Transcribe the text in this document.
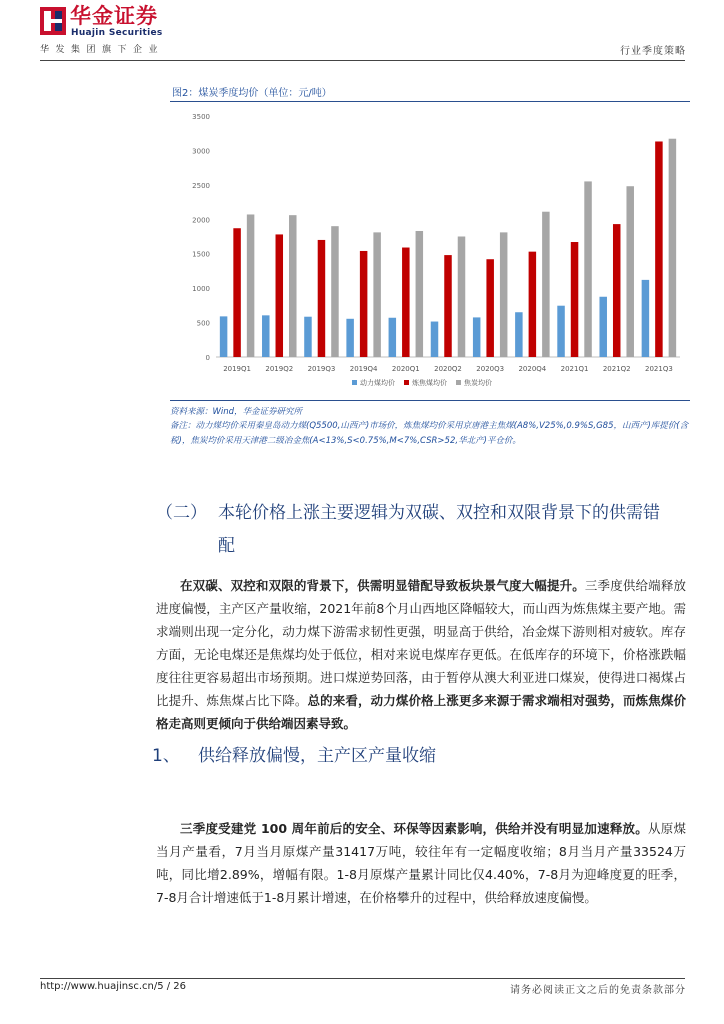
华金证券
Huajin Securities
华发集团旗下企业	行业季度策略
图2：煤炭季度均价（单位：元/吨）
0
500
1000
1500
2000
2500
3000
3500
2019Q1 2019Q2 2019Q3 2019Q4 2020Q1 2020Q2 2020Q3 2020Q4 2021Q1 2021Q2 2021Q3
动力煤均价 炼焦煤均价 焦炭均价
资料来源：Wind，华金证券研究所
备注：动力煤均价采用秦皇岛动力煤(Q5500,山西产)市场价，炼焦煤均价采用京唐港主焦煤(A8%,V25%,0.9%S,G85，山西产)库提价(含税)，焦炭均价采用天津港二级冶金焦(A<13%,S<0.75%,M<7%,CSR>52,华北产)平仓价。
（二） 本轮价格上涨主要逻辑为双碳、双控和双限背景下的供需错
配
在双碳、双控和双限的背景下，供需明显错配导致板块景气度大幅提升。三季度供给端释放进度偏慢，主产区产量收缩，2021年前8个月山西地区降幅较大，而山西为炼焦煤主要产地。需求端则出现一定分化，动力煤下游需求韧性更强，明显高于供给，冶金煤下游则相对疲软。库存方面，无论电煤还是焦煤均处于低位，相对来说电煤库存更低。在低库存的环境下，价格涨跌幅度往往更容易超出市场预期。进口煤逆势回落，由于暂停从澳大利亚进口煤炭，使得进口褐煤占比提升、炼焦煤占比下降。总的来看，动力煤价格上涨更多来源于需求端相对强势，而炼焦煤价格走高则更倾向于供给端因素导致。
1、 供给释放偏慢，主产区产量收缩
三季度受建党 100 周年前后的安全、环保等因素影响，供给并没有明显加速释放。从原煤当月产量看，7月当月原煤产量31417万吨，较往年有一定幅度收缩；8月当月产量33524万吨，同比增2.89%，增幅有限。1-8月原煤产量累计同比仅4.40%，7-8月为迎峰度夏的旺季，7-8月合计增速低于1-8月累计增速，在价格攀升的过程中，供给释放速度偏慢。
http://www.huajinsc.cn/5 / 26	请务必阅读正文之后的免责条款部分
